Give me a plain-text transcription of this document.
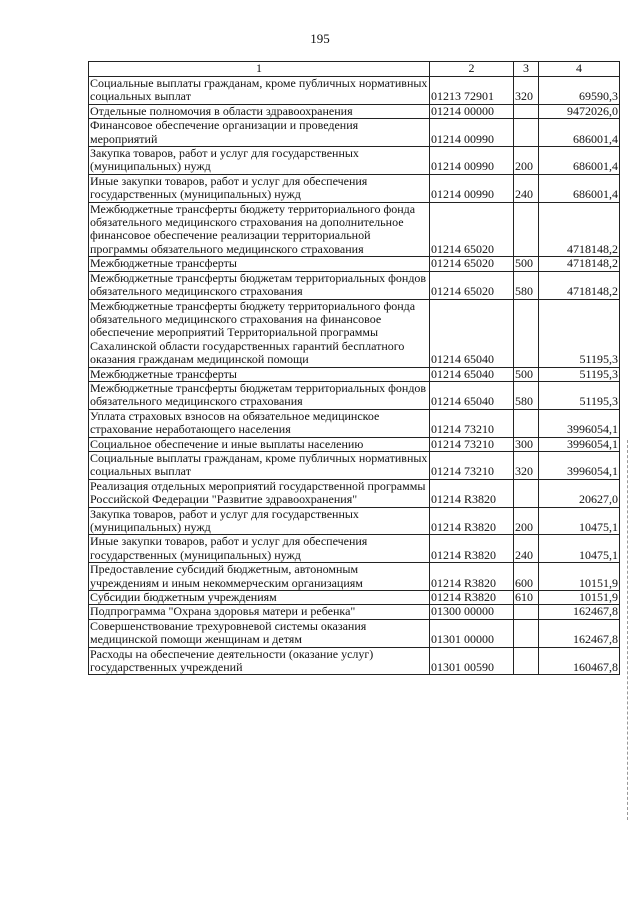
195
1	2	3	4
Социальные выплаты гражданам, кроме публичных нормативных социальных выплат	01213 72901	320	69590,3
Отдельные полномочия в области здравоохранения	01214 00000		9472026,0
Финансовое обеспечение организации и проведения мероприятий	01214 00990		686001,4
Закупка товаров, работ и услуг для государственных (муниципальных) нужд	01214 00990	200	686001,4
Иные закупки товаров, работ и услуг для обеспечения государственных (муниципальных) нужд	01214 00990	240	686001,4
Межбюджетные трансферты бюджету территориального фонда обязательного медицинского страхования на дополнительное финансовое обеспечение реализации территориальной программы обязательного медицинского страхования	01214 65020		4718148,2
Межбюджетные трансферты	01214 65020	500	4718148,2
Межбюджетные трансферты бюджетам территориальных фондов обязательного медицинского страхования	01214 65020	580	4718148,2
Межбюджетные трансферты бюджету территориального фонда обязательного медицинского страхования на финансовое обеспечение мероприятий Территориальной программы Сахалинской области государственных гарантий бесплатного оказания гражданам медицинской помощи	01214 65040		51195,3
Межбюджетные трансферты	01214 65040	500	51195,3
Межбюджетные трансферты бюджетам территориальных фондов обязательного медицинского страхования	01214 65040	580	51195,3
Уплата страховых взносов на обязательное медицинское страхование неработающего населения	01214 73210		3996054,1
Социальное обеспечение и иные выплаты населению	01214 73210	300	3996054,1
Социальные выплаты гражданам, кроме публичных нормативных социальных выплат	01214 73210	320	3996054,1
Реализация отдельных мероприятий государственной программы Российской Федерации "Развитие здравоохранения"	01214 R3820		20627,0
Закупка товаров, работ и услуг для государственных (муниципальных) нужд	01214 R3820	200	10475,1
Иные закупки товаров, работ и услуг для обеспечения государственных (муниципальных) нужд	01214 R3820	240	10475,1
Предоставление субсидий бюджетным, автономным учреждениям и иным некоммерческим организациям	01214 R3820	600	10151,9
Субсидии бюджетным учреждениям	01214 R3820	610	10151,9
Подпрограмма "Охрана здоровья матери и ребенка"	01300 00000		162467,8
Совершенствование трехуровневой системы оказания медицинской помощи женщинам и детям	01301 00000		162467,8
Расходы на обеспечение деятельности (оказание услуг) государственных учреждений	01301 00590		160467,8
